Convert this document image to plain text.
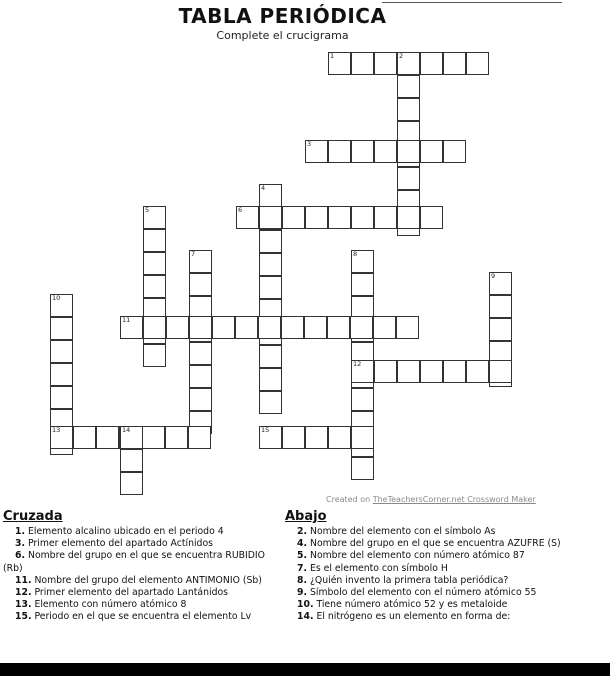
TABLA PERIÓDICA
Complete el crucigrama
1	2
3
4
5	6
7	8
9
10
11
12
13	14	15
Created on TheTeachersCorner.net Crossword Maker
Cruzada
1. Elemento alcalino ubicado en el periodo 4
3. Primer elemento del apartado Actínidos
6. Nombre del grupo en el que se encuentra RUBIDIO (Rb)
11. Nombre del grupo del elemento ANTIMONIO (Sb)
12. Primer elemento del apartado Lantánidos
13. Elemento con número atómico 8
15. Periodo en el que se encuentra el elemento Lv
Abajo
2. Nombre del elemento con el símbolo As
4. Nombre del grupo en el que se encuentra AZUFRE (S)
5. Nombre del elemento con número atómico 87
7. Es el elemento con símbolo H
8. ¿Quién invento la primera tabla periódica?
9. Símbolo del elemento con el número atómico 55
10. Tiene número atómico 52 y es metaloide
14. El nitrógeno es un elemento en forma de:
